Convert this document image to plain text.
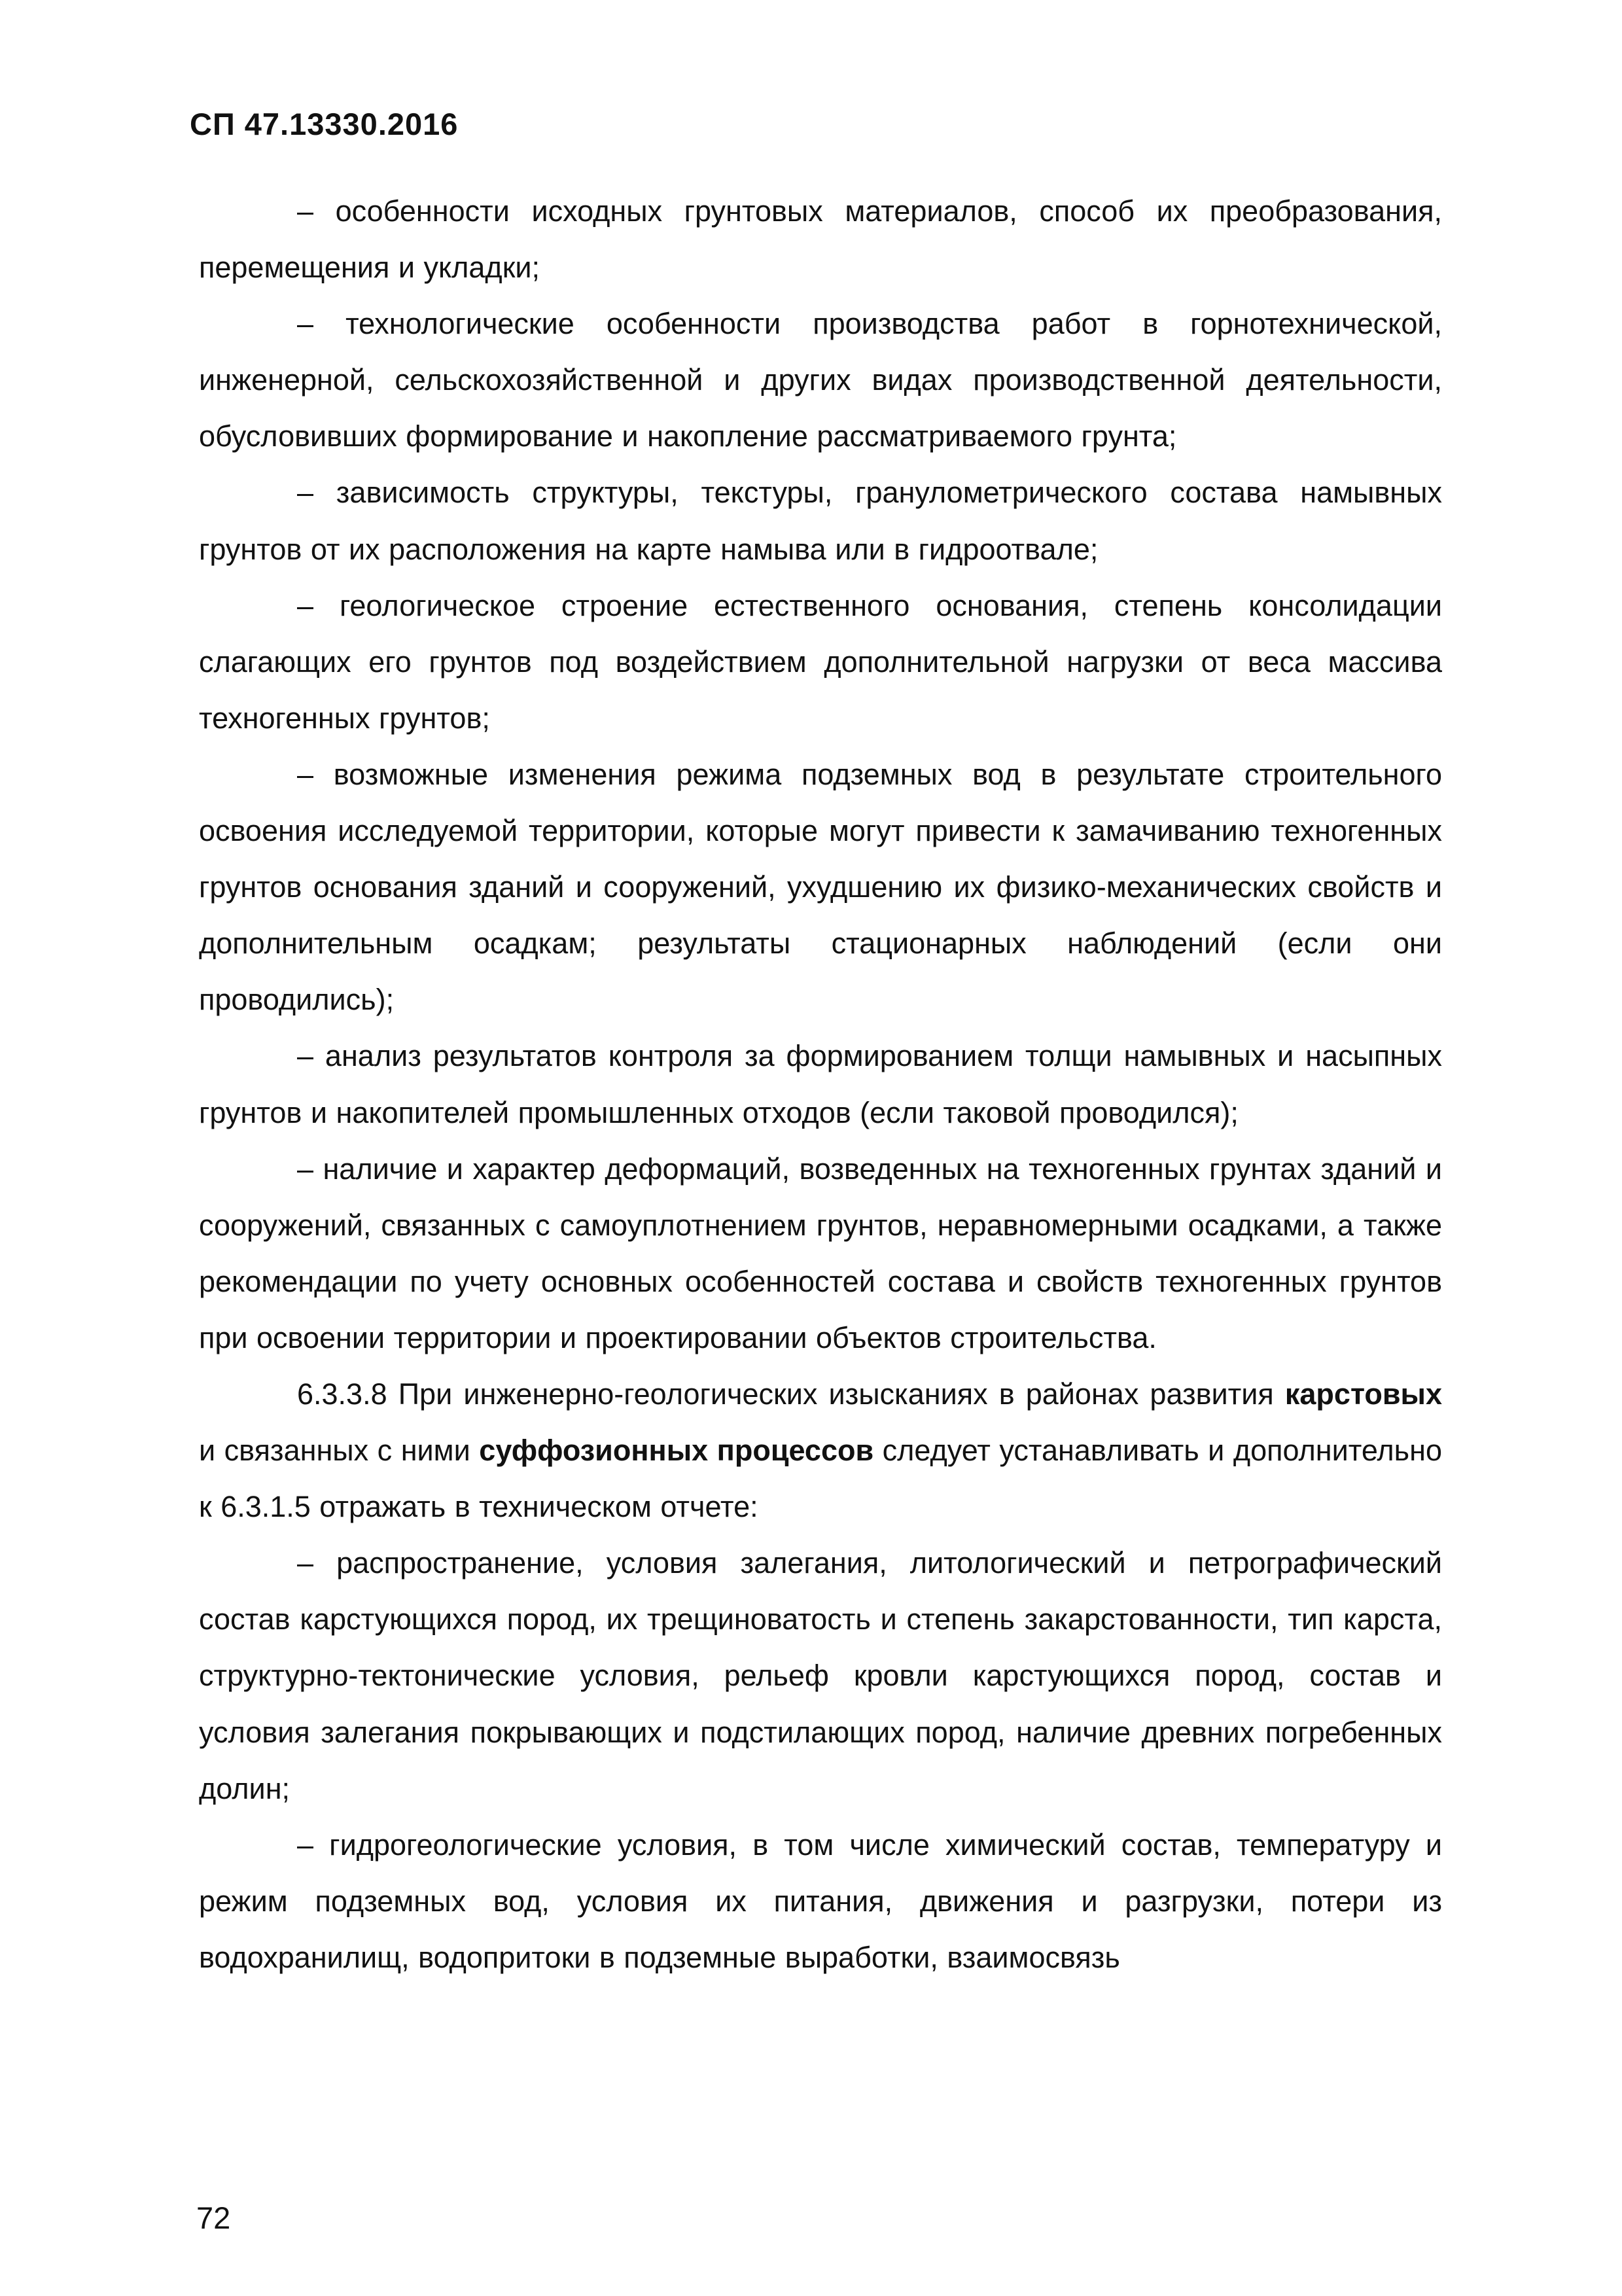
СП 47.13330.2016

– особенности исходных грунтовых материалов, способ их преобразования, перемещения и укладки;

– технологические особенности производства работ в горнотехнической, инженерной, сельскохозяйственной и других видах производственной деятельности, обусловивших формирование и накопление рассматриваемого грунта;

– зависимость структуры, текстуры, гранулометрического состава намывных грунтов от их расположения на карте намыва или в гидроотвале;

– геологическое строение естественного основания, степень консолидации слагающих его грунтов под воздействием дополнительной нагрузки от веса массива техногенных грунтов;

– возможные изменения режима подземных вод в результате строительного освоения исследуемой территории, которые могут привести к замачиванию техногенных грунтов основания зданий и сооружений, ухудшению их физико-механических свойств и дополнительным осадкам; результаты стационарных наблюдений (если они проводились);

– анализ результатов контроля за формированием толщи намывных и насыпных грунтов и накопителей промышленных отходов (если таковой проводился);

– наличие и характер деформаций, возведенных на техногенных грунтах зданий и сооружений, связанных с самоуплотнением грунтов, неравномерными осадками, а также рекомендации по учету основных особенностей состава и свойств техногенных грунтов при освоении территории и проектировании объектов строительства.

6.3.3.8 При инженерно-геологических изысканиях в районах развития карстовых и связанных с ними суффозионных процессов следует устанавливать и дополнительно к 6.3.1.5 отражать в техническом отчете:

– распространение, условия залегания, литологический и петрографический состав карстующихся пород, их трещиноватость и степень закарстованности, тип карста, структурно-тектонические условия, рельеф кровли карстующихся пород, состав и условия залегания покрывающих и подстилающих пород, наличие древних погребенных долин;

– гидрогеологические условия, в том числе химический состав, температуру и режим подземных вод, условия их питания, движения и разгрузки, потери из водохранилищ, водопритоки в подземные выработки, взаимосвязь

72
